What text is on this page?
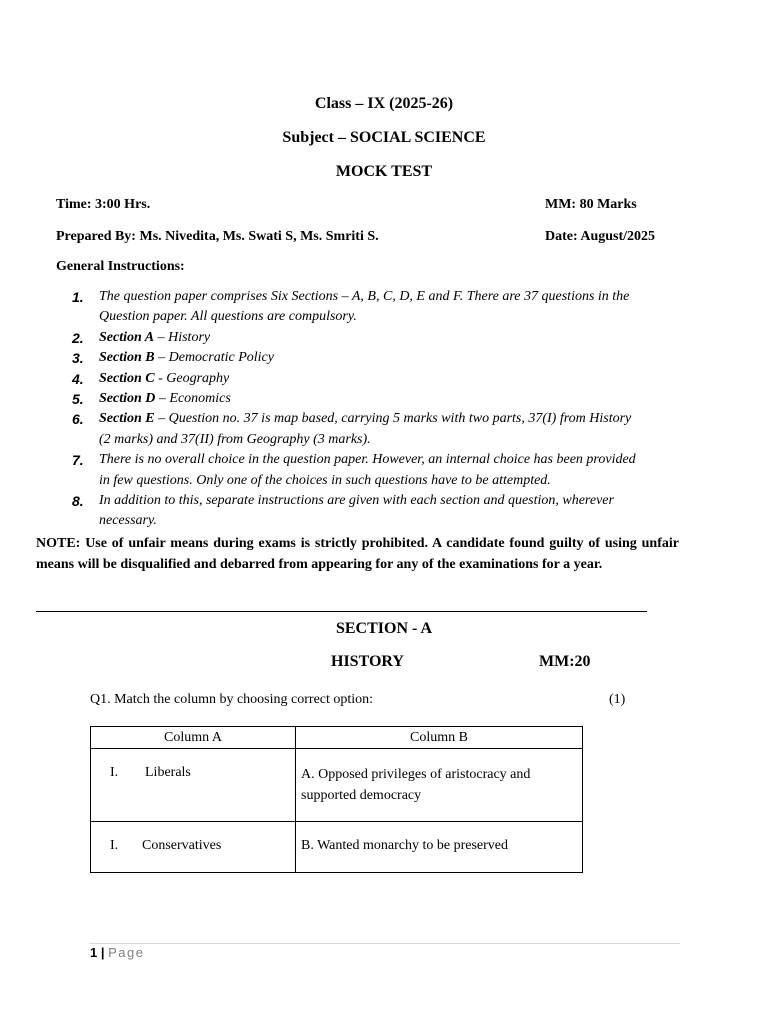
Class – IX (2025-26)
Subject – SOCIAL SCIENCE
MOCK TEST
Time: 3:00 Hrs.	MM: 80 Marks
Prepared By: Ms. Nivedita, Ms. Swati S, Ms. Smriti S.	Date: August/2025
General Instructions:
1.	The question paper comprises Six Sections – A, B, C, D, E and F. There are 37 questions in the
Question paper. All questions are compulsory.
2.	Section A – History
3.	Section B – Democratic Policy
4.	Section C - Geography
5.	Section D – Economics
6.	Section E – Question no. 37 is map based, carrying 5 marks with two parts, 37(I) from History
(2 marks) and 37(II) from Geography (3 marks).
7.	There is no overall choice in the question paper. However, an internal choice has been provided
in few questions. Only one of the choices in such questions have to be attempted.
8.	In addition to this, separate instructions are given with each section and question, wherever
necessary.
NOTE: Use of unfair means during exams is strictly prohibited. A candidate found guilty of using unfair means will be disqualified and debarred from appearing for any of the examinations for a year.
SECTION - A
HISTORY	MM:20
Q1. Match the column by choosing correct option:	(1)
Column A	Column B

I. Liberals	A. Opposed privileges of aristocracy and
supported democracy

I. Conservatives	B. Wanted monarchy to be preserved
1 | Page
